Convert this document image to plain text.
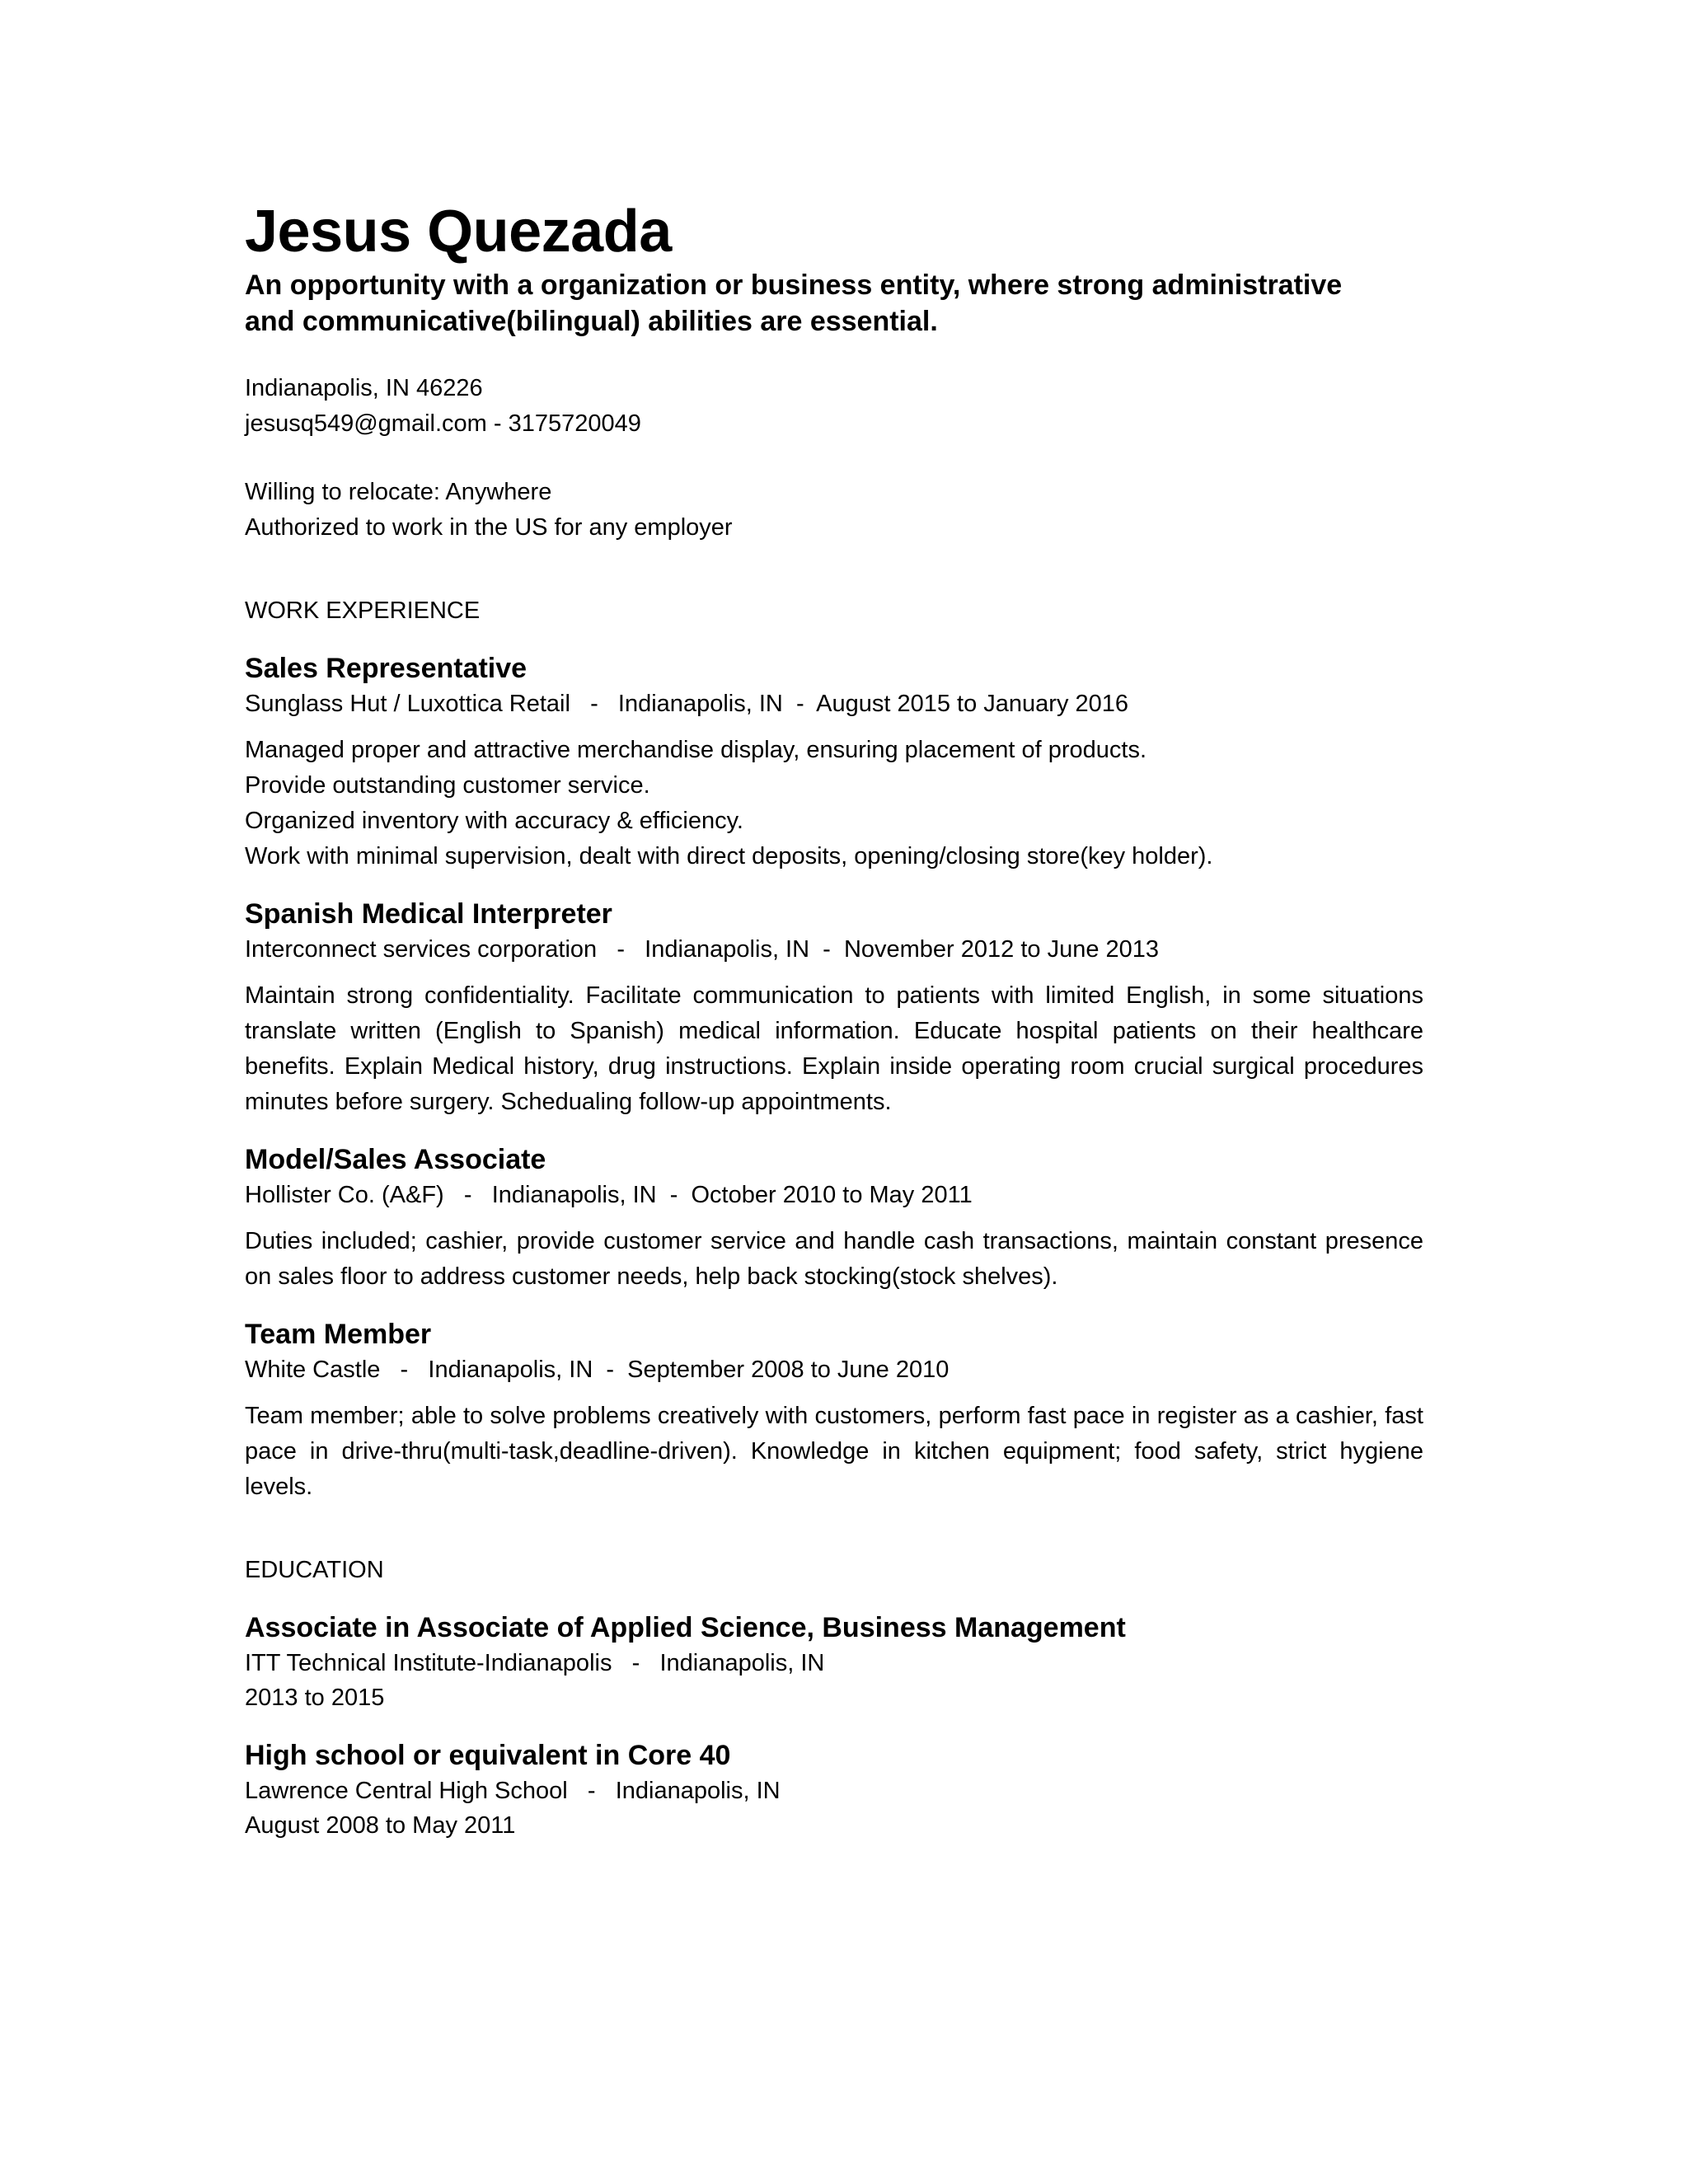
Jesus Quezada

An opportunity with a organization or business entity, where strong administrative and communicative(bilingual) abilities are essential.

Indianapolis, IN 46226

jesusq549@gmail.com - 3175720049

Willing to relocate: Anywhere

Authorized to work in the US for any employer

WORK EXPERIENCE

Sales Representative

Sunglass Hut / Luxottica Retail   -   Indianapolis, IN  -  August 2015 to January 2016

Managed proper and attractive merchandise display, ensuring placement of products.

Provide outstanding customer service.

Organized inventory with accuracy & efficiency.

Work with minimal supervision, dealt with direct deposits, opening/closing store(key holder).

Spanish Medical Interpreter

Interconnect services corporation   -   Indianapolis, IN  -  November 2012 to June 2013

Maintain strong confidentiality. Facilitate communication to patients with limited English, in some situations translate written (English to Spanish) medical information. Educate hospital patients on their healthcare benefits. Explain Medical history, drug instructions. Explain inside operating room crucial surgical procedures minutes before surgery. Schedualing follow-up appointments.

Model/Sales Associate

Hollister Co. (A&F)   -   Indianapolis, IN  -  October 2010 to May 2011

Duties included; cashier, provide customer service and handle cash transactions, maintain constant presence on sales floor to address customer needs, help back stocking(stock shelves).

Team Member

White Castle   -   Indianapolis, IN  -  September 2008 to June 2010

Team member; able to solve problems creatively with customers, perform fast pace in register as a cashier, fast pace in drive-thru(multi-task,deadline-driven). Knowledge in kitchen equipment; food safety, strict hygiene levels.

EDUCATION

Associate in Associate of Applied Science, Business Management

ITT Technical Institute-Indianapolis   -   Indianapolis, IN

2013 to 2015

High school or equivalent in Core 40

Lawrence Central High School   -   Indianapolis, IN

August 2008 to May 2011
